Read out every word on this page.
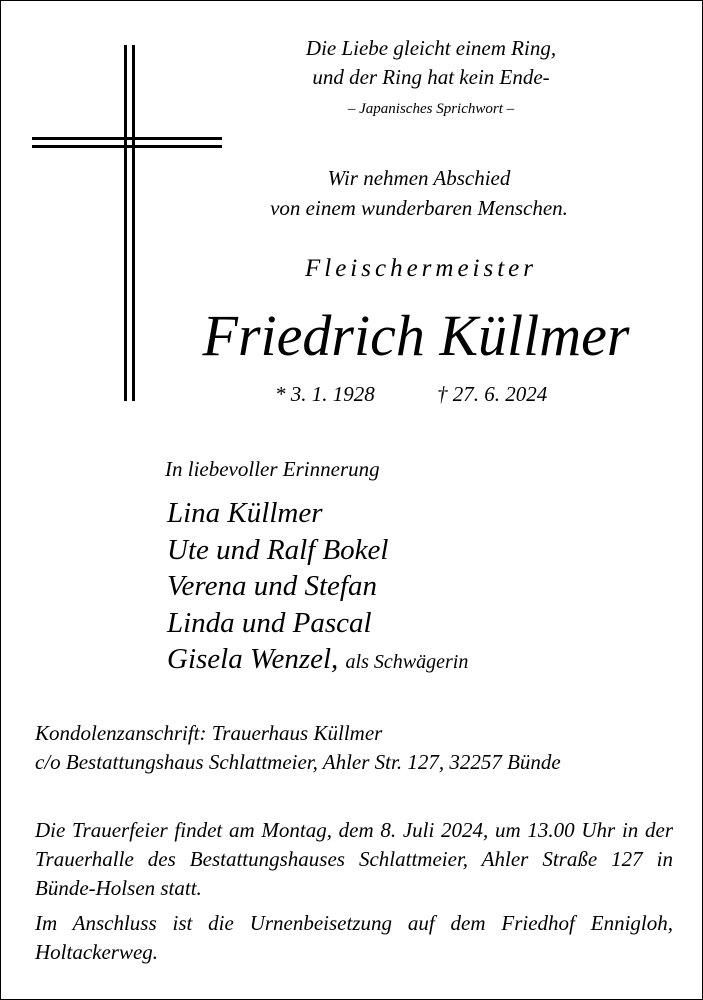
Die Liebe gleicht einem Ring,
und der Ring hat kein Ende-
– Japanisches Sprichwort –
Wir nehmen Abschied
von einem wunderbaren Menschen.
Fleischermeister
Friedrich Küllmer
* 3. 1. 1928	† 27. 6. 2024
In liebevoller Erinnerung
Lina Küllmer
Ute und Ralf Bokel
Verena und Stefan
Linda und Pascal
Gisela Wenzel, als Schwägerin
Kondolenzanschrift: Trauerhaus Küllmer
c/o Bestattungshaus Schlattmeier, Ahler Str. 127, 32257 Bünde

Die Trauerfeier findet am Montag, dem 8. Juli 2024, um 13.00 Uhr in der Trauerhalle des Bestattungshauses Schlattmeier, Ahler Straße 127 in Bünde-Holsen statt.

Im Anschluss ist die Urnenbeisetzung auf dem Friedhof Ennigloh, Holtackerweg.
